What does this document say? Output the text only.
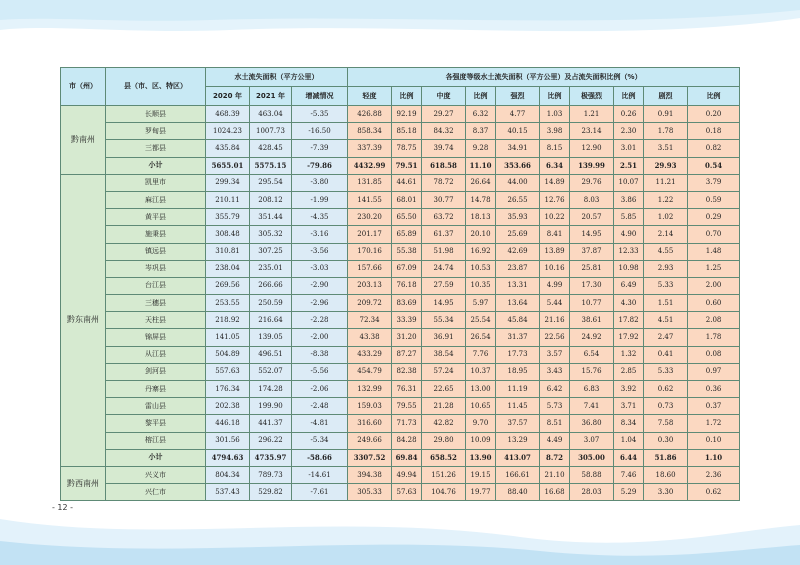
市（州）	县（市、区、特区）	水土流失面积（平方公里）			各强度等级水土流失面积（平方公里）及占流失面积比例（%）									
		2020 年	2021 年	增减情况	轻度	比例	中度	比例	强烈	比例	极强烈	比例	剧烈	比例
黔南州	长顺县	468.39	463.04	-5.35	426.88	92.19	29.27	6.32	4.77	1.03	1.21	0.26	0.91	0.20
	罗甸县	1024.23	1007.73	-16.50	858.34	85.18	84.32	8.37	40.15	3.98	23.14	2.30	1.78	0.18
	三都县	435.84	428.45	-7.39	337.39	78.75	39.74	9.28	34.91	8.15	12.90	3.01	3.51	0.82
	小计	5655.01	5575.15	-79.86	4432.99	79.51	618.58	11.10	353.66	6.34	139.99	2.51	29.93	0.54
黔东南州	凯里市	299.34	295.54	-3.80	131.85	44.61	78.72	26.64	44.00	14.89	29.76	10.07	11.21	3.79
	麻江县	210.11	208.12	-1.99	141.55	68.01	30.77	14.78	26.55	12.76	8.03	3.86	1.22	0.59
	黄平县	355.79	351.44	-4.35	230.20	65.50	63.72	18.13	35.93	10.22	20.57	5.85	1.02	0.29
	施秉县	308.48	305.32	-3.16	201.17	65.89	61.37	20.10	25.69	8.41	14.95	4.90	2.14	0.70
	镇远县	310.81	307.25	-3.56	170.16	55.38	51.98	16.92	42.69	13.89	37.87	12.33	4.55	1.48
	岑巩县	238.04	235.01	-3.03	157.66	67.09	24.74	10.53	23.87	10.16	25.81	10.98	2.93	1.25
	台江县	269.56	266.66	-2.90	203.13	76.18	27.59	10.35	13.31	4.99	17.30	6.49	5.33	2.00
	三穗县	253.55	250.59	-2.96	209.72	83.69	14.95	5.97	13.64	5.44	10.77	4.30	1.51	0.60
	天柱县	218.92	216.64	-2.28	72.34	33.39	55.34	25.54	45.84	21.16	38.61	17.82	4.51	2.08
	锦屏县	141.05	139.05	-2.00	43.38	31.20	36.91	26.54	31.37	22.56	24.92	17.92	2.47	1.78
	从江县	504.89	496.51	-8.38	433.29	87.27	38.54	7.76	17.73	3.57	6.54	1.32	0.41	0.08
	剑河县	557.63	552.07	-5.56	454.79	82.38	57.24	10.37	18.95	3.43	15.76	2.85	5.33	0.97
	丹寨县	176.34	174.28	-2.06	132.99	76.31	22.65	13.00	11.19	6.42	6.83	3.92	0.62	0.36
	雷山县	202.38	199.90	-2.48	159.03	79.55	21.28	10.65	11.45	5.73	7.41	3.71	0.73	0.37
	黎平县	446.18	441.37	-4.81	316.60	71.73	42.82	9.70	37.57	8.51	36.80	8.34	7.58	1.72
	榕江县	301.56	296.22	-5.34	249.66	84.28	29.80	10.09	13.29	4.49	3.07	1.04	0.30	0.10
	小计	4794.63	4735.97	-58.66	3307.52	69.84	658.52	13.90	413.07	8.72	305.00	6.44	51.86	1.10
黔西南州	兴义市	804.34	789.73	-14.61	394.38	49.94	151.26	19.15	166.61	21.10	58.88	7.46	18.60	2.36
	兴仁市	537.43	529.82	-7.61	305.33	57.63	104.76	19.77	88.40	16.68	28.03	5.29	3.30	0.62
- 12 -
